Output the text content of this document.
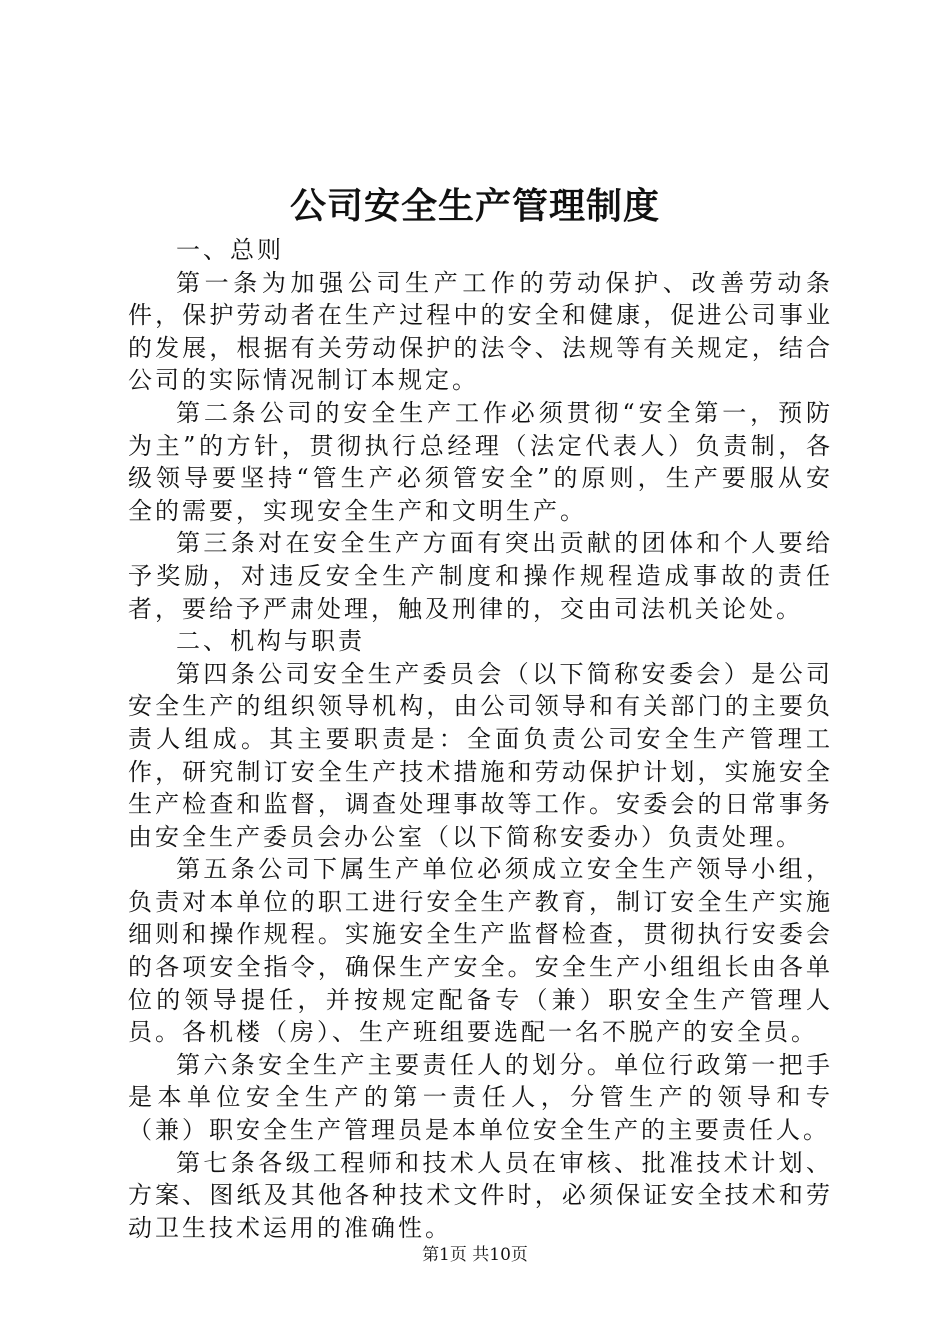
公司安全生产管理制度

一、总则

第一条为加强公司生产工作的劳动保护、改善劳动条件，保护劳动者在生产过程中的安全和健康，促进公司事业的发展，根据有关劳动保护的法令、法规等有关规定，结合公司的实际情况制订本规定。

第二条公司的安全生产工作必须贯彻“安全第一，预防为主”的方针，贯彻执行总经理（法定代表人）负责制，各级领导要坚持“管生产必须管安全”的原则，生产要服从安全的需要，实现安全生产和文明生产。

第三条对在安全生产方面有突出贡献的团体和个人要给予奖励，对违反安全生产制度和操作规程造成事故的责任者，要给予严肃处理，触及刑律的，交由司法机关论处。

二、机构与职责

第四条公司安全生产委员会（以下简称安委会）是公司安全生产的组织领导机构，由公司领导和有关部门的主要负责人组成。其主要职责是：全面负责公司安全生产管理工作，研究制订安全生产技术措施和劳动保护计划，实施安全生产检查和监督，调查处理事故等工作。安委会的日常事务由安全生产委员会办公室（以下简称安委办）负责处理。

第五条公司下属生产单位必须成立安全生产领导小组，负责对本单位的职工进行安全生产教育，制订安全生产实施细则和操作规程。实施安全生产监督检查，贯彻执行安委会的各项安全指令，确保生产安全。安全生产小组组长由各单位的领导提任，并按规定配备专（兼）职安全生产管理人员。各机楼（房）、生产班组要选配一名不脱产的安全员。

第六条安全生产主要责任人的划分。单位行政第一把手是本单位安全生产的第一责任人，分管生产的领导和专（兼）职安全生产管理员是本单位安全生产的主要责任人。

第七条各级工程师和技术人员在审核、批准技术计划、方案、图纸及其他各种技术文件时，必须保证安全技术和劳动卫生技术运用的准确性。

第1页 共10页
